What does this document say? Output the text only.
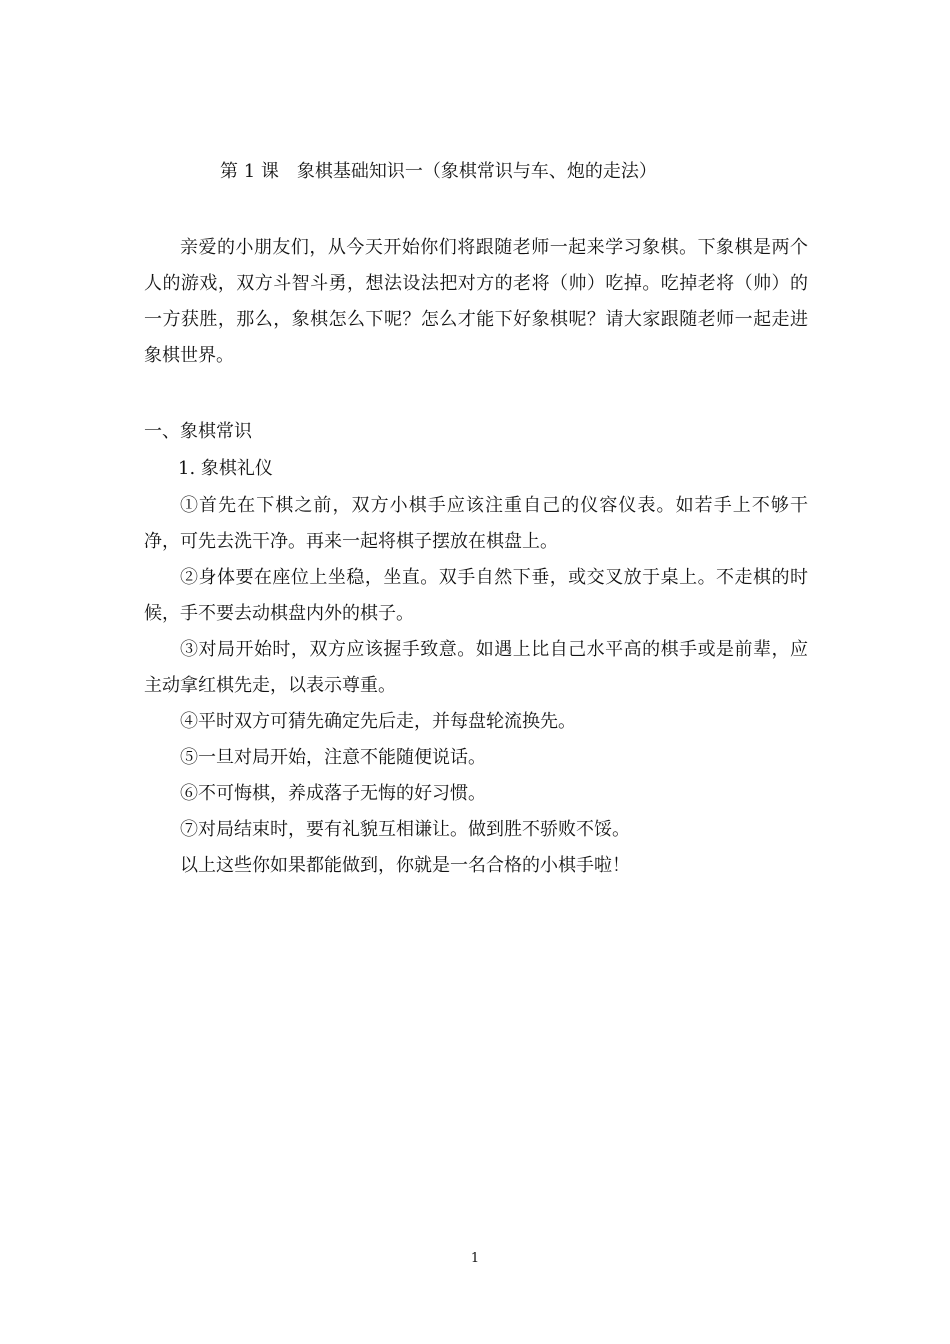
第 1 课　象棋基础知识一（象棋常识与车、炮的走法）

亲爱的小朋友们，从今天开始你们将跟随老师一起来学习象棋。下象棋是两个人的游戏，双方斗智斗勇，想法设法把对方的老将（帅）吃掉。吃掉老将（帅）的一方获胜，那么，象棋怎么下呢？怎么才能下好象棋呢？请大家跟随老师一起走进象棋世界。

一、象棋常识
1. 象棋礼仪

①首先在下棋之前，双方小棋手应该注重自己的仪容仪表。如若手上不够干净，可先去洗干净。再来一起将棋子摆放在棋盘上。

②身体要在座位上坐稳，坐直。双手自然下垂，或交叉放于桌上。不走棋的时候，手不要去动棋盘内外的棋子。

③对局开始时，双方应该握手致意。如遇上比自己水平高的棋手或是前辈，应主动拿红棋先走，以表示尊重。

④平时双方可猜先确定先后走，并每盘轮流换先。

⑤一旦对局开始，注意不能随便说话。

⑥不可悔棋，养成落子无悔的好习惯。

⑦对局结束时，要有礼貌互相谦让。做到胜不骄败不馁。

以上这些你如果都能做到，你就是一名合格的小棋手啦！

1
